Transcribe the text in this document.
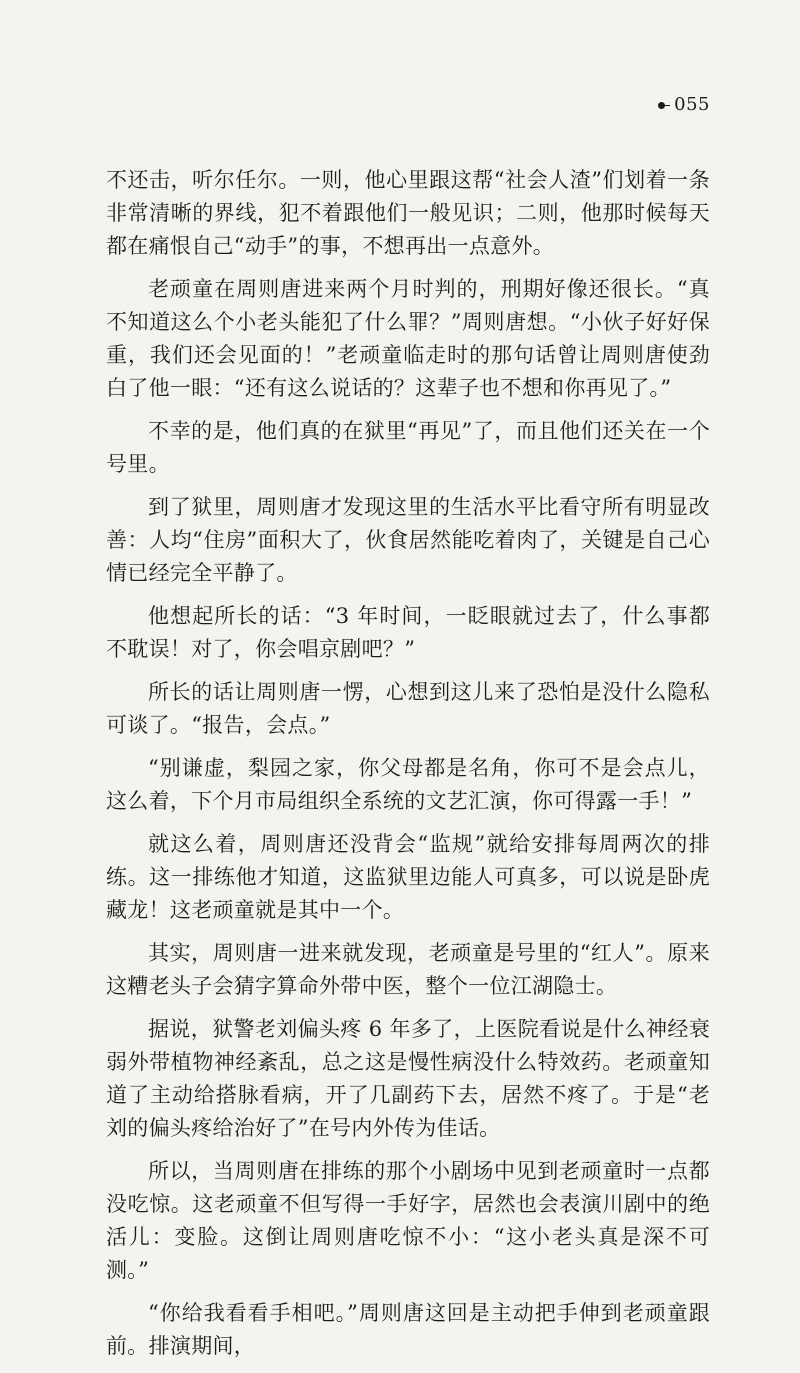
055

不还击，听尔任尔。一则，他心里跟这帮“社会人渣”们划着一条非常清晰的界线，犯不着跟他们一般见识；二则，他那时候每天都在痛恨自己“动手”的事，不想再出一点意外。

老顽童在周则唐进来两个月时判的，刑期好像还很长。“真不知道这么个小老头能犯了什么罪？”周则唐想。“小伙子好好保重，我们还会见面的！”老顽童临走时的那句话曾让周则唐使劲白了他一眼：“还有这么说话的？这辈子也不想和你再见了。”

不幸的是，他们真的在狱里“再见”了，而且他们还关在一个号里。

到了狱里，周则唐才发现这里的生活水平比看守所有明显改善：人均“住房”面积大了，伙食居然能吃着肉了，关键是自己心情已经完全平静了。

他想起所长的话：“3 年时间，一眨眼就过去了，什么事都不耽误！对了，你会唱京剧吧？”

所长的话让周则唐一愣，心想到这儿来了恐怕是没什么隐私可谈了。“报告，会点。”

“别谦虚，梨园之家，你父母都是名角，你可不是会点儿，这么着，下个月市局组织全系统的文艺汇演，你可得露一手！”

就这么着，周则唐还没背会“监规”就给安排每周两次的排练。这一排练他才知道，这监狱里边能人可真多，可以说是卧虎藏龙！这老顽童就是其中一个。

其实，周则唐一进来就发现，老顽童是号里的“红人”。原来这糟老头子会猜字算命外带中医，整个一位江湖隐士。

据说，狱警老刘偏头疼 6 年多了，上医院看说是什么神经衰弱外带植物神经紊乱，总之这是慢性病没什么特效药。老顽童知道了主动给搭脉看病，开了几副药下去，居然不疼了。于是“老刘的偏头疼给治好了”在号内外传为佳话。

所以，当周则唐在排练的那个小剧场中见到老顽童时一点都没吃惊。这老顽童不但写得一手好字，居然也会表演川剧中的绝活儿：变脸。这倒让周则唐吃惊不小：“这小老头真是深不可测。”

“你给我看看手相吧。”周则唐这回是主动把手伸到老顽童跟前。排演期间，
